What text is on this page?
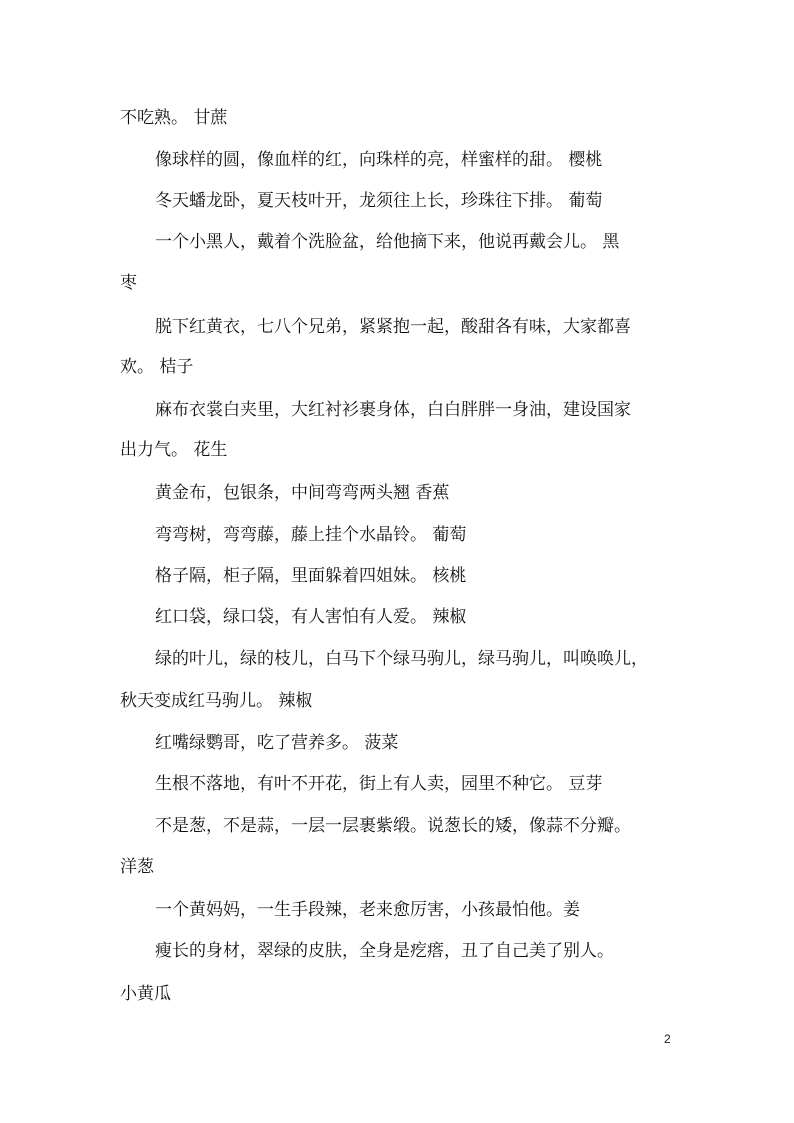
不吃熟。 甘蔗
像球样的圆，像血样的红，向珠样的亮，样蜜样的甜。 樱桃
冬天蟠龙卧，夏天枝叶开，龙须往上长，珍珠往下排。 葡萄
一个小黑人，戴着个洗脸盆，给他摘下来，他说再戴会儿。 黑
枣
脱下红黄衣，七八个兄弟，紧紧抱一起，酸甜各有味，大家都喜
欢。 桔子
麻布衣裳白夹里，大红衬衫裹身体，白白胖胖一身油，建设国家
出力气。 花生
黄金布，包银条，中间弯弯两头翘 香蕉
弯弯树，弯弯藤，藤上挂个水晶铃。 葡萄
格子隔，柜子隔，里面躲着四姐妹。 核桃
红口袋，绿口袋，有人害怕有人爱。 辣椒
绿的叶儿，绿的枝儿，白马下个绿马驹儿，绿马驹儿，叫唤唤儿，
秋天变成红马驹儿。 辣椒
红嘴绿鹦哥，吃了营养多。 菠菜
生根不落地，有叶不开花，街上有人卖，园里不种它。 豆芽
不是葱，不是蒜，一层一层裹紫缎。说葱长的矮，像蒜不分瓣。
洋葱
一个黄妈妈，一生手段辣，老来愈厉害，小孩最怕他。姜
瘦长的身材，翠绿的皮肤，全身是疙瘩，丑了自己美了别人。
小黄瓜
2
